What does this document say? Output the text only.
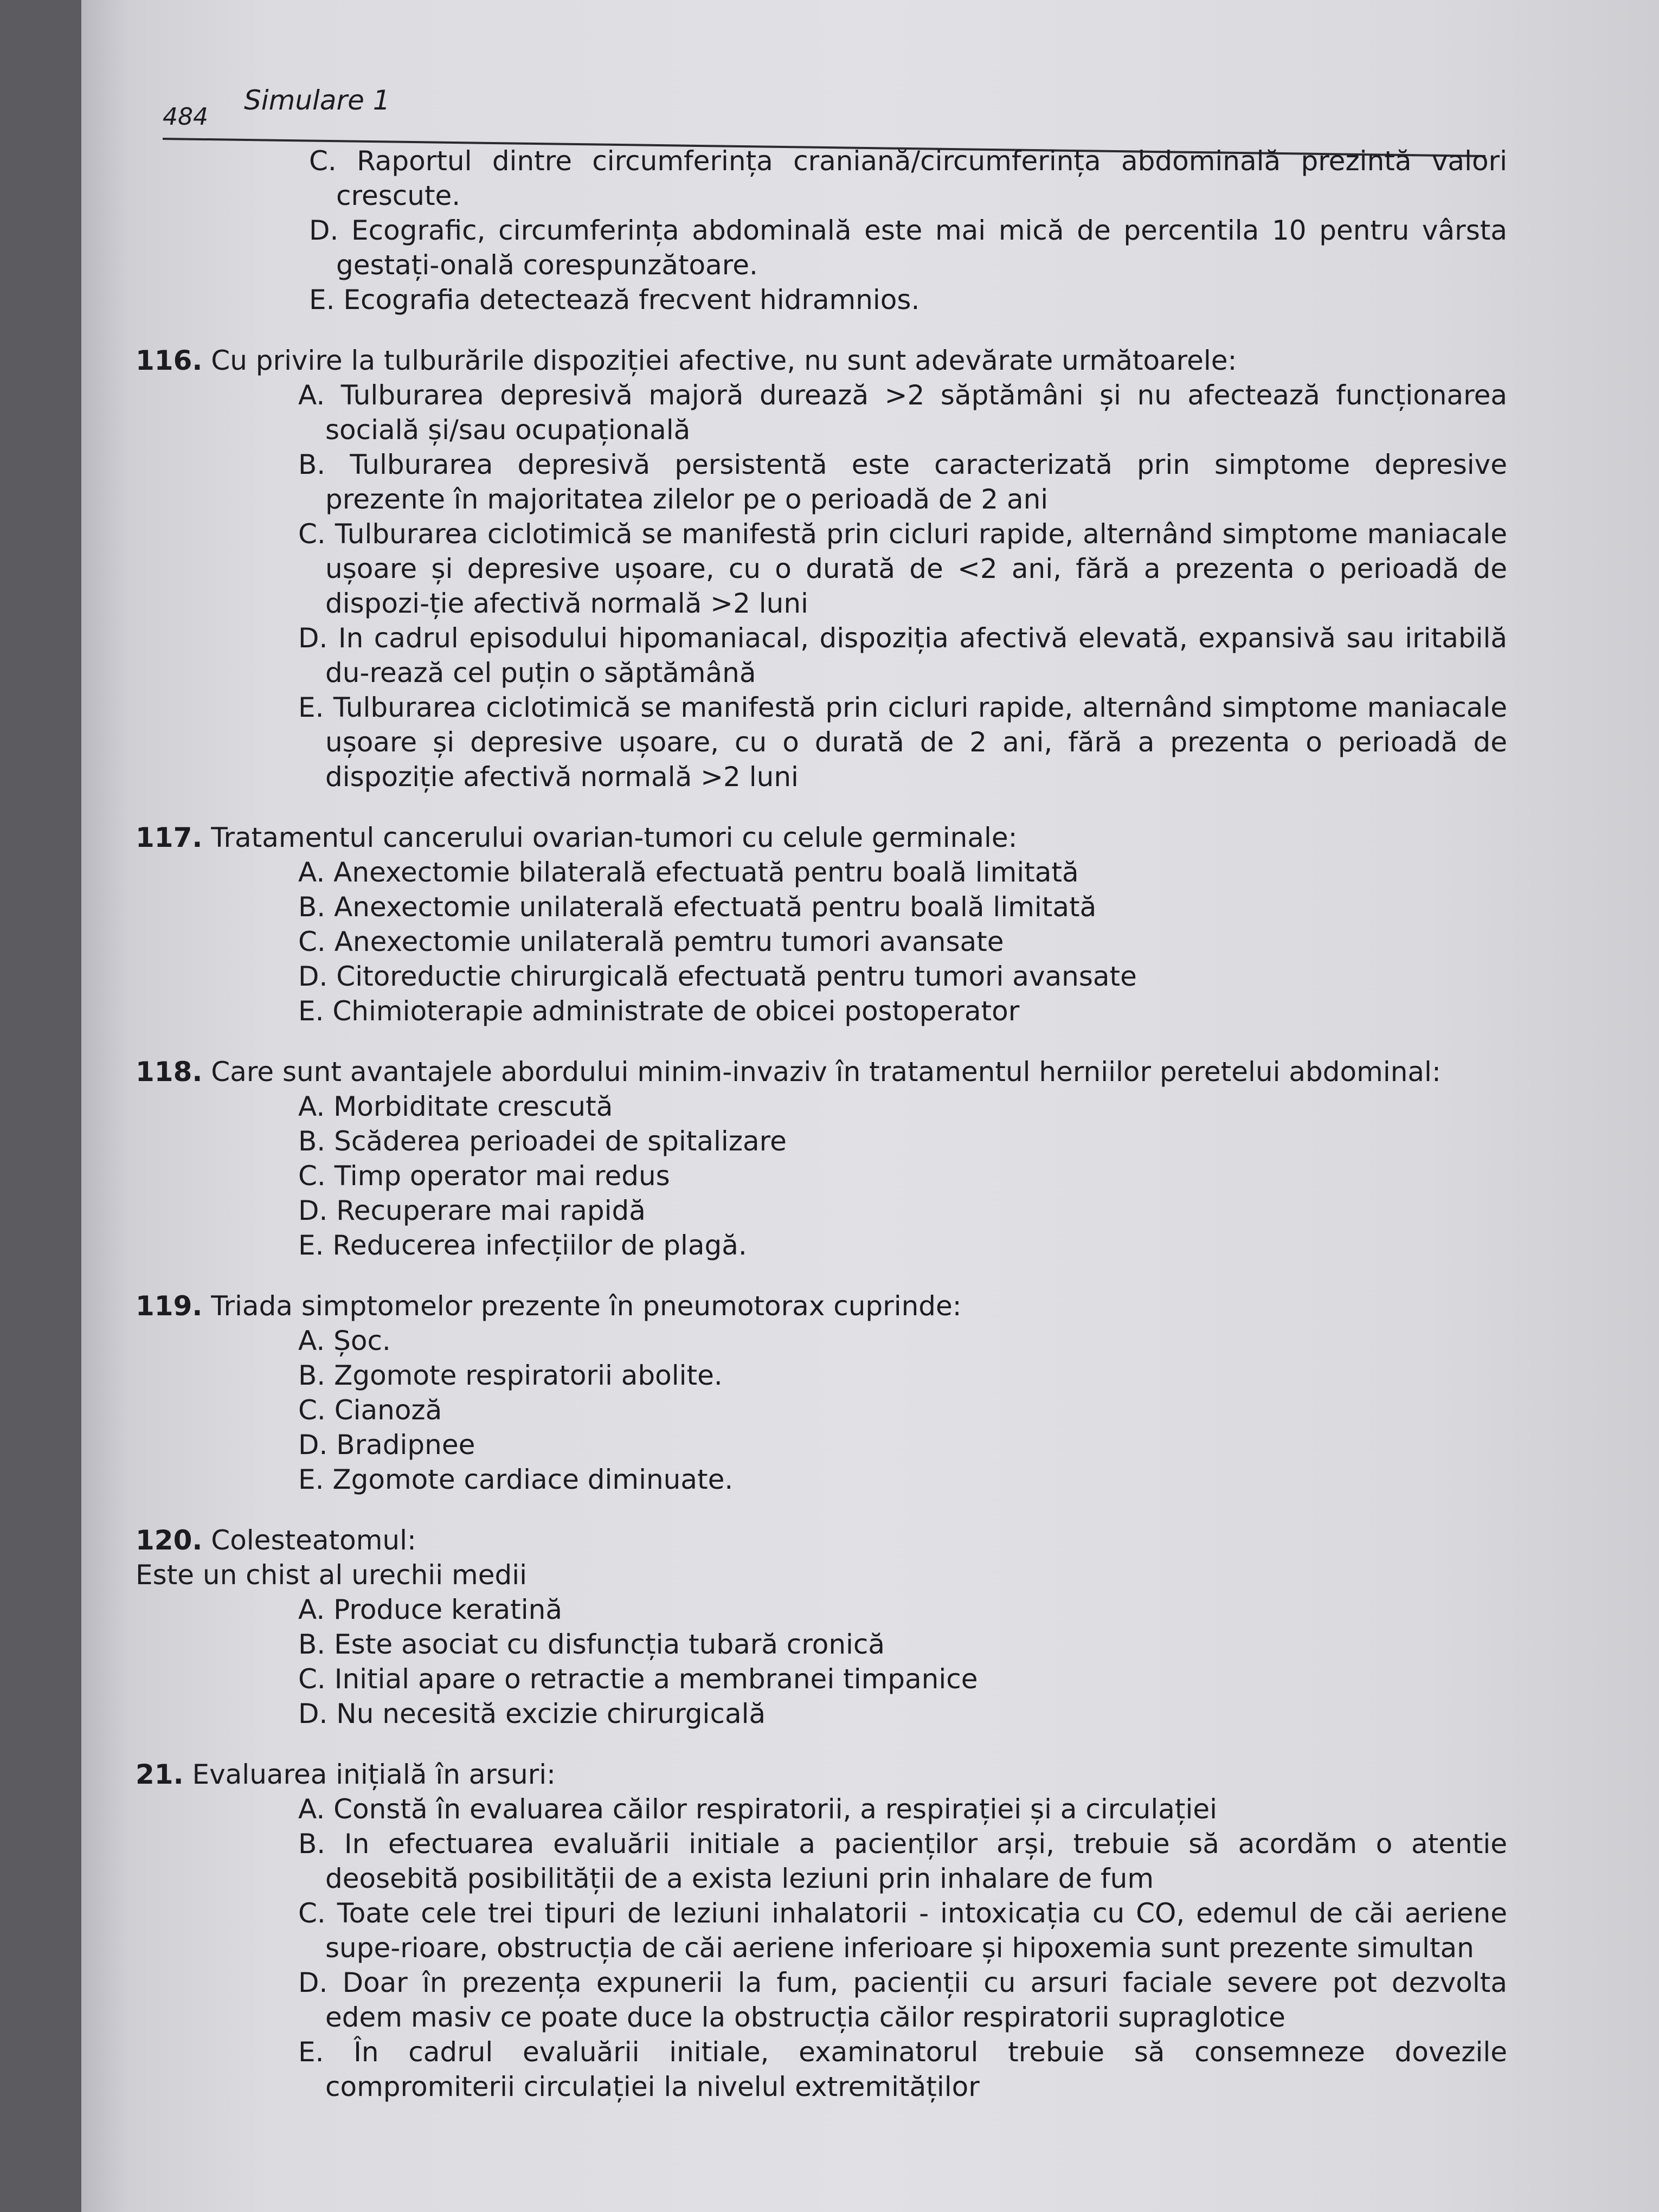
484
Simulare 1
C. Raportul dintre circumferința craniană/circumferința abdominală prezintă valori crescute.
D. Ecografic, circumferința abdominală este mai mică de percentila 10 pentru vârsta gestați-onală corespunzătoare.
E. Ecografia detectează frecvent hidramnios.
116. Cu privire la tulburările dispoziției afective, nu sunt adevărate următoarele:
A. Tulburarea depresivă majoră durează >2 săptămâni și nu afectează funcționarea socială și/sau ocupațională
B. Tulburarea depresivă persistentă este caracterizată prin simptome depresive prezente în majoritatea zilelor pe o perioadă de 2 ani
C. Tulburarea ciclotimică se manifestă prin cicluri rapide, alternând simptome maniacale ușoare și depresive ușoare, cu o durată de <2 ani, fără a prezenta o perioadă de dispozi-ție afectivă normală >2 luni
D. In cadrul episodului hipomaniacal, dispoziția afectivă elevată, expansivă sau iritabilă du-rează cel puțin o săptămână
E. Tulburarea ciclotimică se manifestă prin cicluri rapide, alternând simptome maniacale ușoare și depresive ușoare, cu o durată de 2 ani, fără a prezenta o perioadă de dispoziție afectivă normală >2 luni
117. Tratamentul cancerului ovarian-tumori cu celule germinale:
A. Anexectomie bilaterală efectuată pentru boală limitată
B. Anexectomie unilaterală efectuată pentru boală limitată
C. Anexectomie unilaterală pemtru tumori avansate
D. Citoreductie chirurgicală efectuată pentru tumori avansate
E. Chimioterapie administrate de obicei postoperator
118. Care sunt avantajele abordului minim-invaziv în tratamentul herniilor peretelui abdominal:
A. Morbiditate crescută
B. Scăderea perioadei de spitalizare
C. Timp operator mai redus
D. Recuperare mai rapidă
E. Reducerea infecțiilor de plagă.
119. Triada simptomelor prezente în pneumotorax cuprinde:
A. Șoc.
B. Zgomote respiratorii abolite.
C. Cianoză
D. Bradipnee
E. Zgomote cardiace diminuate.
120. Colesteatomul:
Este un chist al urechii medii
A. Produce keratină
B. Este asociat cu disfuncția tubară cronică
C. Initial apare o retractie a membranei timpanice
D. Nu necesită excizie chirurgicală
21. Evaluarea inițială în arsuri:
A. Constă în evaluarea căilor respiratorii, a respirației și a circulației
B. In efectuarea evaluării initiale a pacienților arși, trebuie să acordăm o atentie deosebită posibilității de a exista leziuni prin inhalare de fum
C. Toate cele trei tipuri de leziuni inhalatorii - intoxicația cu CO, edemul de căi aeriene supe-rioare, obstrucția de căi aeriene inferioare și hipoxemia sunt prezente simultan
D. Doar în prezența expunerii la fum, pacienții cu arsuri faciale severe pot dezvolta edem masiv ce poate duce la obstrucția căilor respiratorii supraglotice
E. În cadrul evaluării initiale, examinatorul trebuie să consemneze dovezile compromiterii circulației la nivelul extremităților
